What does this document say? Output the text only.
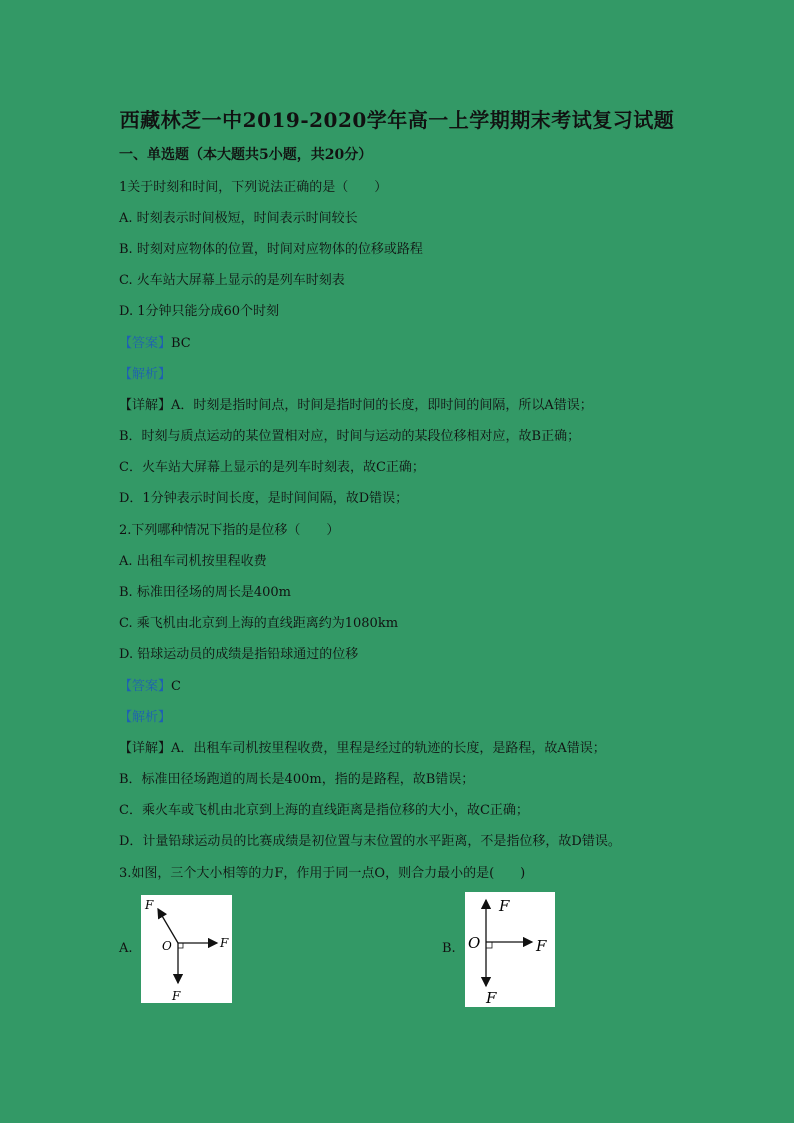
西藏林芝一中2019-2020学年高一上学期期末考试复习试题
一、单选题（本大题共5小题，共20分）
1关于时刻和时间，下列说法正确的是（　　）
A. 时刻表示时间极短，时间表示时间较长
B. 时刻对应物体的位置，时间对应物体的位移或路程
C. 火车站大屏幕上显示的是列车时刻表
D. 1分钟只能分成60个时刻
【答案】BC
【解析】
【详解】A．时刻是指时间点，时间是指时间的长度，即时间的间隔，所以A错误；
B．时刻与质点运动的某位置相对应，时间与运动的某段位移相对应，故B正确；
C．火车站大屏幕上显示的是列车时刻表，故C正确；
D．1分钟表示时间长度，是时间间隔，故D错误；
2.下列哪种情况下指的是位移（　　）
A. 出租车司机按里程收费
B. 标准田径场的周长是400m
C. 乘飞机由北京到上海的直线距离约为1080km
D. 铅球运动员的成绩是指铅球通过的位移
【答案】C
【解析】
【详解】A．出租车司机按里程收费，里程是经过的轨迹的长度，是路程，故A错误；
B．标准田径场跑道的周长是400m，指的是路程，故B错误；
C．乘火车或飞机由北京到上海的直线距离是指位移的大小，故C正确；
D．计量铅球运动员的比赛成绩是初位置与末位置的水平距离，不是指位移，故D错误。
3.如图，三个大小相等的力F，作用于同一点O，则合力最小的是(　　)
A.
F
F
F
O	B.
F
F
F
O
